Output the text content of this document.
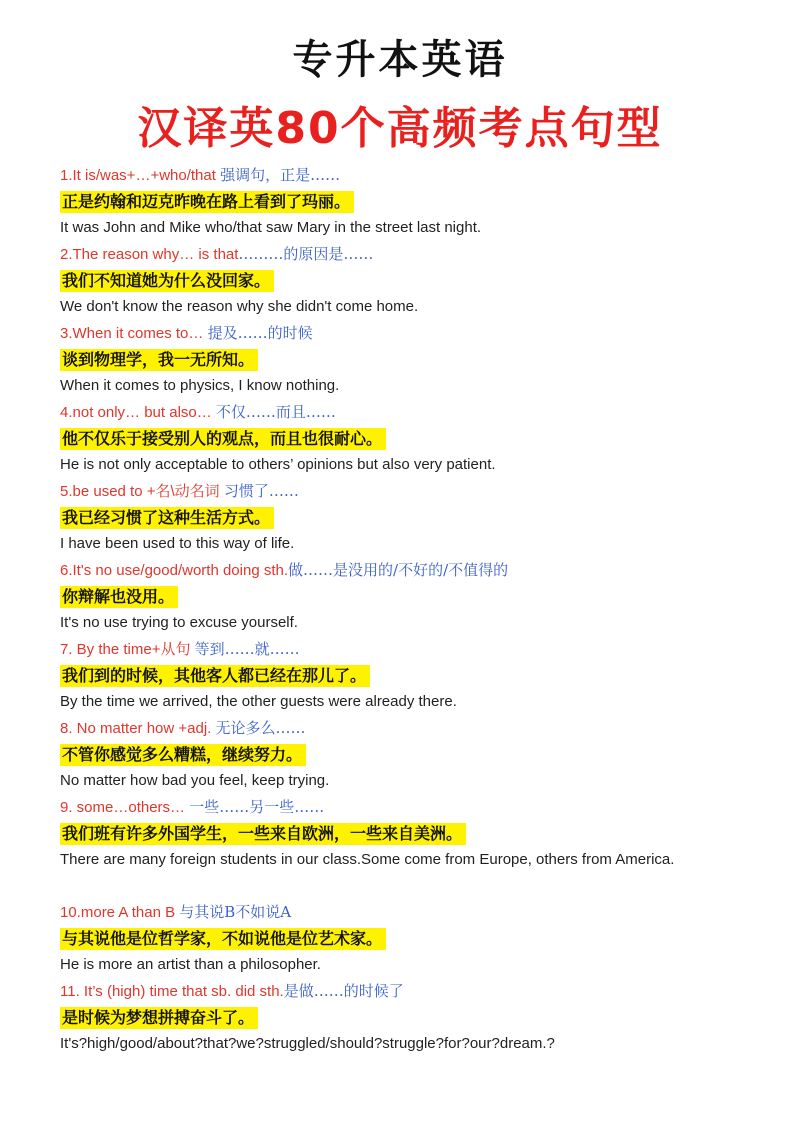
专升本英语
汉译英80个高频考点句型
1.It is/was+…+who/that 强调句，正是……
正是约翰和迈克昨晚在路上看到了玛丽。
It was John and Mike who/that saw Mary in the street last night.
2.The reason why… is that………的原因是……
我们不知道她为什么没回家。
We don't know the reason why she didn't come home.
3.When it comes to… 提及……的时候
谈到物理学，我一无所知。
When it comes to physics, I know nothing.
4.not only… but also… 不仅……而且……
他不仅乐于接受别人的观点，而且也很耐心。
He is not only acceptable to others’ opinions but also very patient.
5.be used to +名\动名词 习惯了……
我已经习惯了这种生活方式。
I have been used to this way of life.
6.It's no use/good/worth doing sth.做……是没用的/不好的/不值得的
你辩解也没用。
It's no use trying to excuse yourself.
7. By the time+从句 等到……就……
我们到的时候，其他客人都已经在那儿了。
By the time we arrived, the other guests were already there.
8. No matter how +adj. 无论多么……
不管你感觉多么糟糕，继续努力。
No matter how bad you feel, keep trying.
9. some…others… 一些……另一些……
我们班有许多外国学生，一些来自欧洲，一些来自美洲。
There are many foreign students in our class.Some come from Europe, others from America.
10.more A than B 与其说B不如说A
与其说他是位哲学家，不如说他是位艺术家。
He is more an artist than a philosopher.
11. It’s (high) time that sb. did sth.是做……的时候了
是时候为梦想拼搏奋斗了。
It's?high/good/about?that?we?struggled/should?struggle?for?our?dream.?
